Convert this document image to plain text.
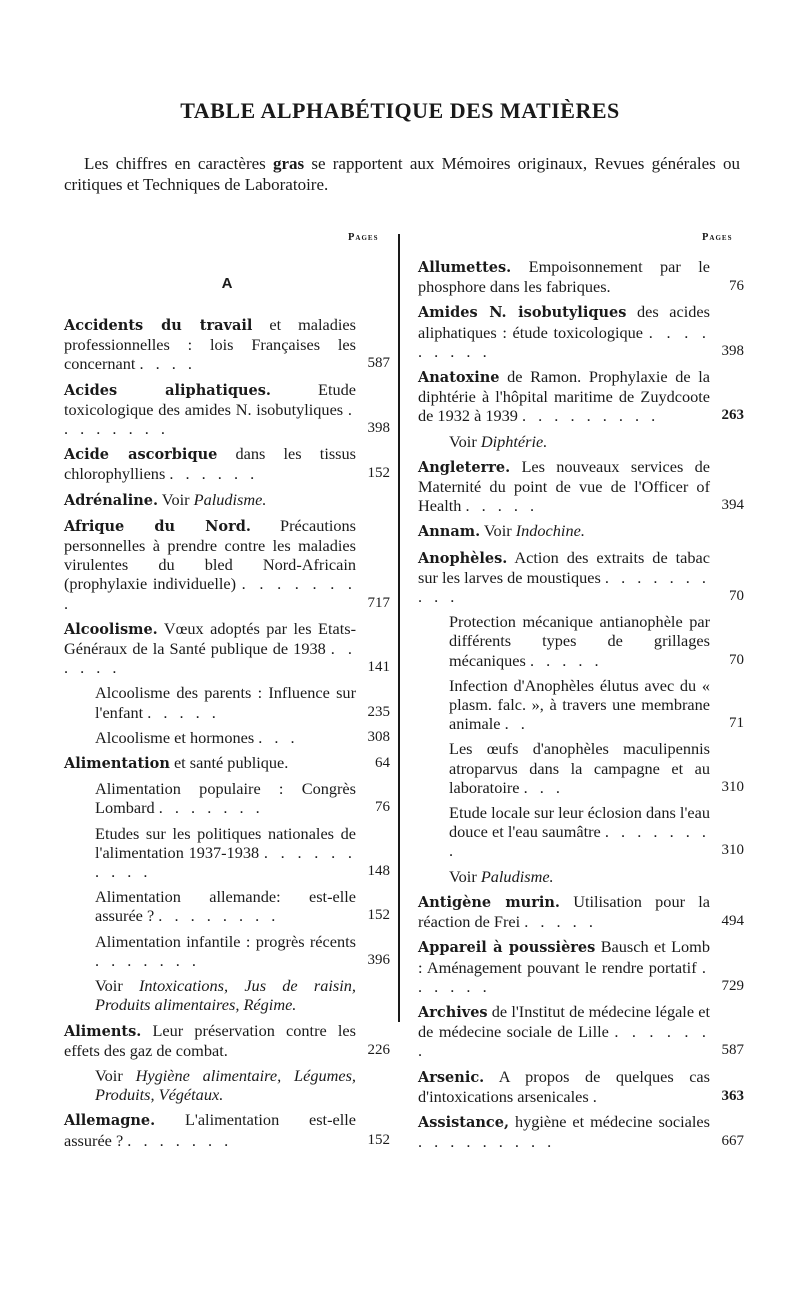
TABLE ALPHABÉTIQUE DES MATIÈRES
Les chiffres en caractères gras se rapportent aux Mémoires originaux, Revues générales ou critiques et Techniques de Laboratoire.
Pages	Pages
A
Accidents du travail et maladies professionnelles : lois Françaises les concernant . . . .	587
Acides aliphatiques. Etude toxicologique des amides N. isobutyliques . . . . . . . .	398
Acide ascorbique dans les tissus chlorophylliens . . . . . .	152
Adrénaline. Voir Paludisme.
Afrique du Nord. Précautions personnelles à prendre contre les maladies virulentes du bled Nord-Africain (prophylaxie individuelle) . . . . . . . .	717
Alcoolisme. Vœux adoptés par les Etats-Généraux de la Santé publique de 1938 . . . . . .	141
Alcoolisme des parents : Influence sur l'enfant . . . . .	235
Alcoolisme et hormones . . .	308
Alimentation et santé publique.	64
Alimentation populaire : Congrès Lombard . . . . . . .	76
Etudes sur les politiques nationales de l'alimentation 1937-1938 . . . . . . . . . .	148
Alimentation allemande: est-elle assurée ? . . . . . . . .	152
Alimentation infantile : progrès récents . . . . . . .	396
Voir Intoxications, Jus de raisin, Produits alimentaires, Régime.
Aliments. Leur préservation contre les effets des gaz de combat.	226
Voir Hygiène alimentaire, Légumes, Produits, Végétaux.
Allemagne. L'alimentation est-elle assurée ? . . . . . . .	152
Allumettes. Empoisonnement par le phosphore dans les fabriques.	76
Amides N. isobutyliques des acides aliphatiques : étude toxicologique . . . . . . . . .	398
Anatoxine de Ramon. Prophylaxie de la diphtérie à l'hôpital maritime de Zuydcoote de 1932 à 1939 . . . . . . . . .	263
Voir Diphtérie.
Angleterre. Les nouveaux services de Maternité du point de vue de l'Officer of Health . . . . .	394
Annam. Voir Indochine.
Anophèles. Action des extraits de tabac sur les larves de moustiques . . . . . . . . . .	70
Protection mécanique antianophèle par différents types de grillages mécaniques . . . . .	70
Infection d'Anophèles élutus avec du « plasm. falc. », à travers une membrane animale . .	71
Les œufs d'anophèles maculipennis atroparvus dans la campagne et au laboratoire . . .	310
Etude locale sur leur éclosion dans l'eau douce et l'eau saumâtre . . . . . . . .	310
Voir Paludisme.
Antigène murin. Utilisation pour la réaction de Frei . . . . .	494
Appareil à poussières Bausch et Lomb : Aménagement pouvant le rendre portatif . . . . . .	729
Archives de l'Institut de médecine légale et de médecine sociale de Lille . . . . . . .	587
Arsenic. A propos de quelques cas d'intoxications arsenicales .	363
Assistance, hygiène et médecine sociales . . . . . . . . .	667
